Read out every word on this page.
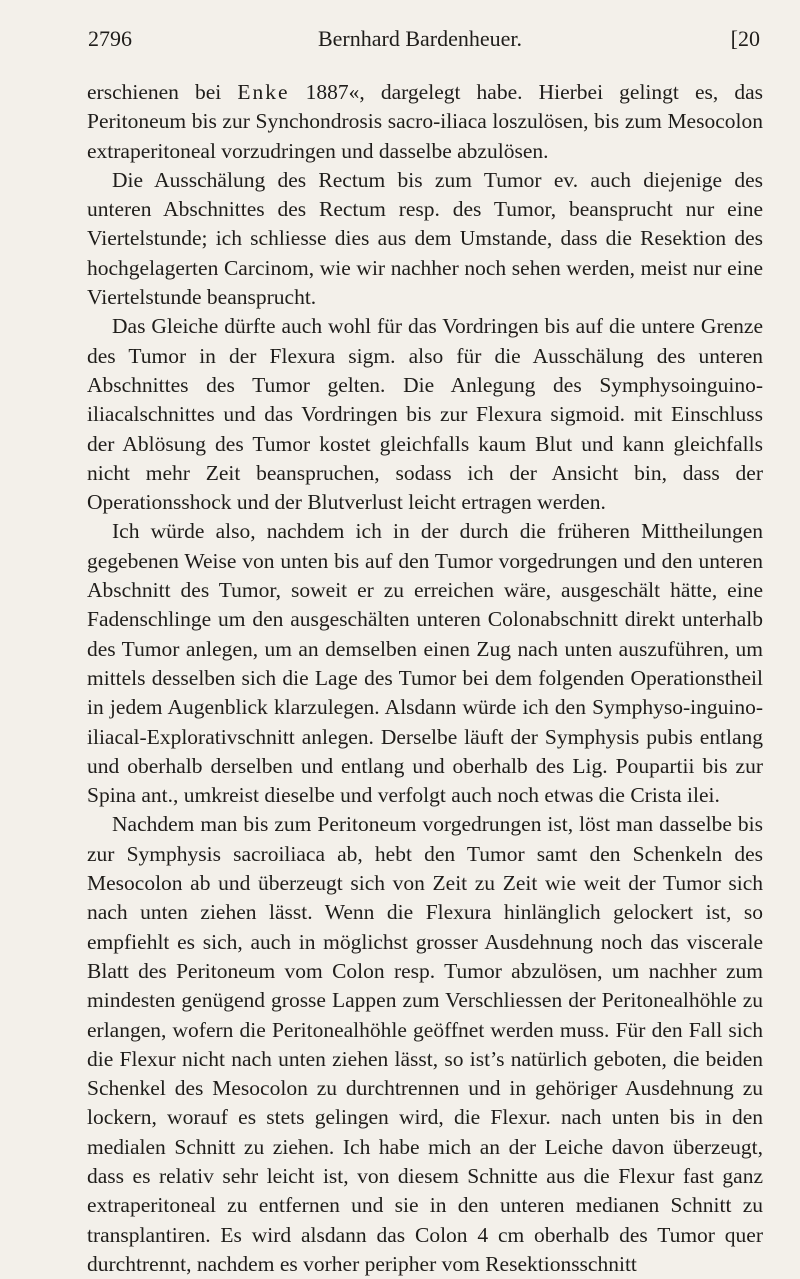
2796	Bernhard Bardenheuer.	[20

erschienen bei Enke 1887«, dargelegt habe. Hierbei gelingt es, das Peritoneum bis zur Synchondrosis sacro-iliaca loszulösen, bis zum Mesocolon extraperitoneal vorzudringen und dasselbe abzulösen.

Die Ausschälung des Rectum bis zum Tumor ev. auch diejenige des unteren Abschnittes des Rectum resp. des Tumor, beansprucht nur eine Viertelstunde; ich schliesse dies aus dem Umstande, dass die Resektion des hochgelagerten Carcinom, wie wir nachher noch sehen werden, meist nur eine Viertelstunde beansprucht.

Das Gleiche dürfte auch wohl für das Vordringen bis auf die untere Grenze des Tumor in der Flexura sigm. also für die Ausschälung des unteren Abschnittes des Tumor gelten. Die Anlegung des Symphysoinguino-iliacalschnittes und das Vordringen bis zur Flexura sigmoid. mit Einschluss der Ablösung des Tumor kostet gleichfalls kaum Blut und kann gleichfalls nicht mehr Zeit beanspruchen, sodass ich der Ansicht bin, dass der Operationsshock und der Blutverlust leicht ertragen werden.

Ich würde also, nachdem ich in der durch die früheren Mittheilungen gegebenen Weise von unten bis auf den Tumor vorgedrungen und den unteren Abschnitt des Tumor, soweit er zu erreichen wäre, ausgeschält hätte, eine Fadenschlinge um den ausgeschälten unteren Colonabschnitt direkt unterhalb des Tumor anlegen, um an demselben einen Zug nach unten auszuführen, um mittels desselben sich die Lage des Tumor bei dem folgenden Operationstheil in jedem Augenblick klarzulegen. Alsdann würde ich den Symphyso-inguino-iliacal-Explorativschnitt anlegen. Derselbe läuft der Symphysis pubis entlang und oberhalb derselben und entlang und oberhalb des Lig. Poupartii bis zur Spina ant., umkreist dieselbe und verfolgt auch noch etwas die Crista ilei.

Nachdem man bis zum Peritoneum vorgedrungen ist, löst man dasselbe bis zur Symphysis sacroiliaca ab, hebt den Tumor samt den Schenkeln des Mesocolon ab und überzeugt sich von Zeit zu Zeit wie weit der Tumor sich nach unten ziehen lässt. Wenn die Flexura hinlänglich gelockert ist, so empfiehlt es sich, auch in möglichst grosser Ausdehnung noch das viscerale Blatt des Peritoneum vom Colon resp. Tumor abzulösen, um nachher zum mindesten genügend grosse Lappen zum Verschliessen der Peritonealhöhle zu erlangen, wofern die Peritonealhöhle geöffnet werden muss. Für den Fall sich die Flexur nicht nach unten ziehen lässt, so ist’s natürlich geboten, die beiden Schenkel des Mesocolon zu durchtrennen und in gehöriger Ausdehnung zu lockern, worauf es stets gelingen wird, die Flexur. nach unten bis in den medialen Schnitt zu ziehen. Ich habe mich an der Leiche davon überzeugt, dass es relativ sehr leicht ist, von diesem Schnitte aus die Flexur fast ganz extraperitoneal zu entfernen und sie in den unteren medianen Schnitt zu transplantiren. Es wird alsdann das Colon 4 cm oberhalb des Tumor quer durchtrennt, nachdem es vorher peripher vom Resektionsschnitt
